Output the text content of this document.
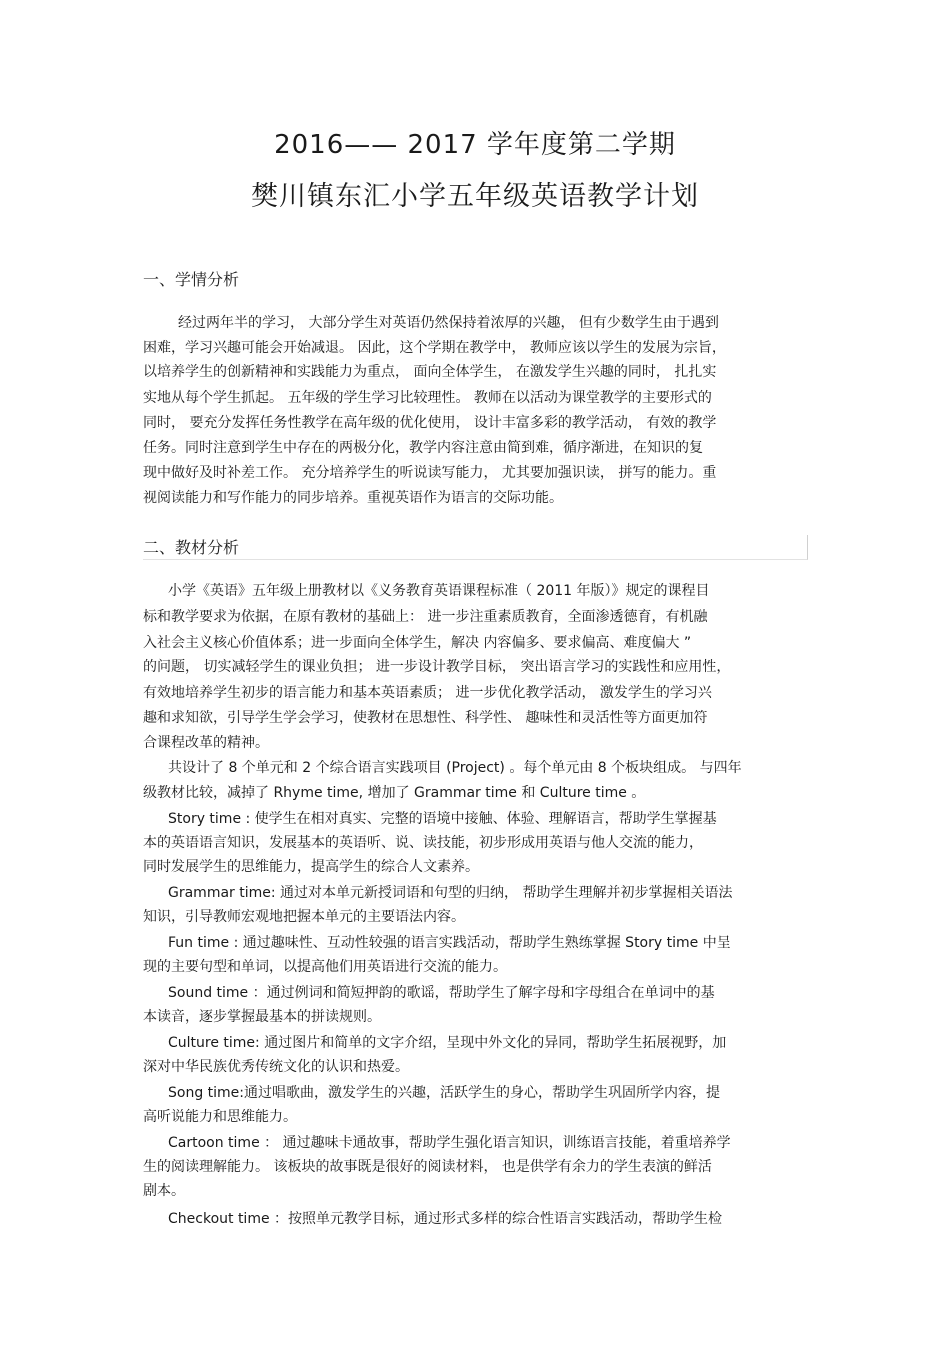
2016—— 2017 学年度第二学期
樊川镇东汇小学五年级英语教学计划
一、学情分析
经过两年半的学习， 大部分学生对英语仍然保持着浓厚的兴趣， 但有少数学生由于遇到
困难，学习兴趣可能会开始减退。 因此，这个学期在教学中， 教师应该以学生的发展为宗旨，
以培养学生的创新精神和实践能力为重点， 面向全体学生， 在激发学生兴趣的同时， 扎扎实
实地从每个学生抓起。 五年级的学生学习比较理性。 教师在以活动为课堂教学的主要形式的
同时， 要充分发挥任务性教学在高年级的优化使用， 设计丰富多彩的教学活动， 有效的教学
任务。同时注意到学生中存在的两极分化，教学内容注意由简到难，循序渐进，在知识的复
现中做好及时补差工作。 充分培养学生的听说读写能力， 尤其要加强识读， 拼写的能力。重
视阅读能力和写作能力的同步培养。重视英语作为语言的交际功能。
二、教材分析
小学《英语》五年级上册教材以《义务教育英语课程标准（ 2011 年版）》规定的课程目
标和教学要求为依据，在原有教材的基础上： 进一步注重素质教育，全面渗透德育，有机融
入社会主义核心价值体系；进一步面向全体学生，解决 内容偏多、要求偏高、难度偏大 ”
的问题， 切实减轻学生的课业负担； 进一步设计教学目标， 突出语言学习的实践性和应用性，
有效地培养学生初步的语言能力和基本英语素质； 进一步优化教学活动， 激发学生的学习兴
趣和求知欲，引导学生学会学习，使教材在思想性、科学性、 趣味性和灵活性等方面更加符
合课程改革的精神。
共设计了 8 个单元和 2 个综合语言实践项目 (Project) 。每个单元由 8 个板块组成。 与四年
级教材比较，减掉了 Rhyme time, 增加了 Grammar time 和 Culture time 。
Story time : 使学生在相对真实、完整的语境中接触、体验、理解语言，帮助学生掌握基
本的英语语言知识，发展基本的英语听、说、读技能，初步形成用英语与他人交流的能力，
同时发展学生的思维能力，提高学生的综合人文素养。
Grammar time: 通过对本单元新授词语和句型的归纳， 帮助学生理解并初步掌握相关语法
知识，引导教师宏观地把握本单元的主要语法内容。
Fun time : 通过趣味性、互动性较强的语言实践活动，帮助学生熟练掌握 Story time 中呈
现的主要句型和单词，以提高他们用英语进行交流的能力。
Sound time ：通过例词和简短押韵的歌谣，帮助学生了解字母和字母组合在单词中的基
本读音，逐步掌握最基本的拼读规则。
Culture time: 通过图片和简单的文字介绍，呈现中外文化的异同，帮助学生拓展视野，加
深对中华民族优秀传统文化的认识和热爱。
Song time:通过唱歌曲，激发学生的兴趣，活跃学生的身心，帮助学生巩固所学内容，提
高听说能力和思维能力。
Cartoon time ： 通过趣味卡通故事，帮助学生强化语言知识，训练语言技能，着重培养学
生的阅读理解能力。 该板块的故事既是很好的阅读材料， 也是供学有余力的学生表演的鲜活
剧本。
Checkout time ：按照单元教学目标，通过形式多样的综合性语言实践活动，帮助学生检
